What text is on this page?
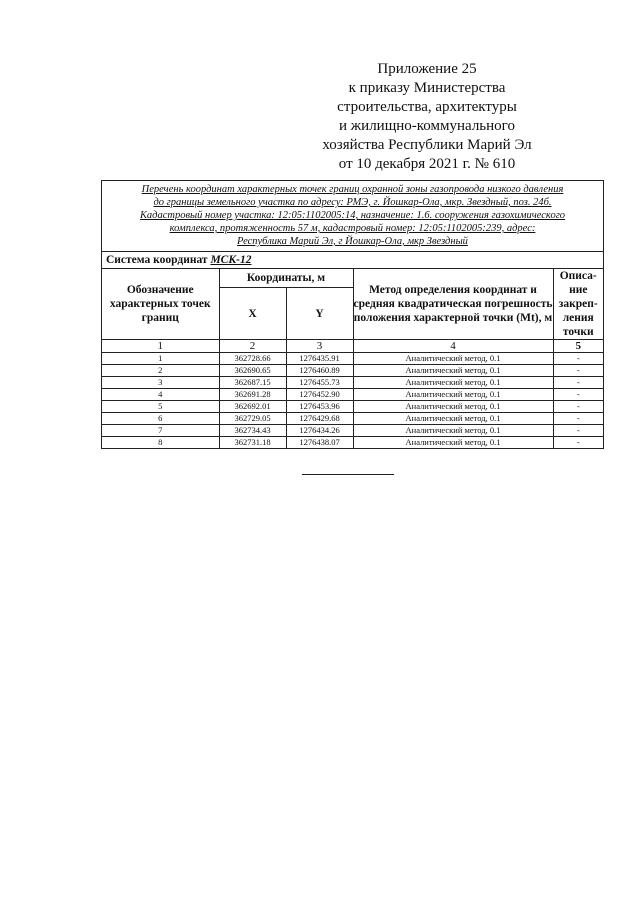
Приложение 25
к приказу Министерства
строительства, архитектуры
и жилищно-коммунального
хозяйства Республики Марий Эл
от 10 декабря 2021 г. № 610
Перечень координат характерных точек границ охранной зоны газопровода низкого давления
до границы земельного участка по адресу: РМЭ, г. Йошкар-Ола, мкр. Звездный, поз. 24б.
Кадастровый номер участка: 12:05:1102005:14, назначение: 1.6. сооружения газохимического
комплекса, протяженность 57 м, кадастровый номер: 12:05:1102005:239, адрес:
Республика Марий Эл, г Йошкар-Ола, мкр Звездный
Система координат МСК-12
Обозначение характерных точек границ	Координаты, м		Метод определения координат и средняя квадратическая погрешность положения характерной точки (Mt), м	Описа-ние закреп-ления точки
	X	Y		
1	2	3	4	5
1	362728.66	1276435.91	Аналитический метод, 0.1	-
2	362690.65	1276460.89	Аналитический метод, 0.1	-
3	362687.15	1276455.73	Аналитический метод, 0.1	-
4	362691.28	1276452.90	Аналитический метод, 0.1	-
5	362692.01	1276453.96	Аналитический метод, 0.1	-
6	362729.05	1276429.68	Аналитический метод, 0.1	-
7	362734.43	1276434.26	Аналитический метод, 0.1	-
8	362731.18	1276438.07	Аналитический метод, 0.1	-
